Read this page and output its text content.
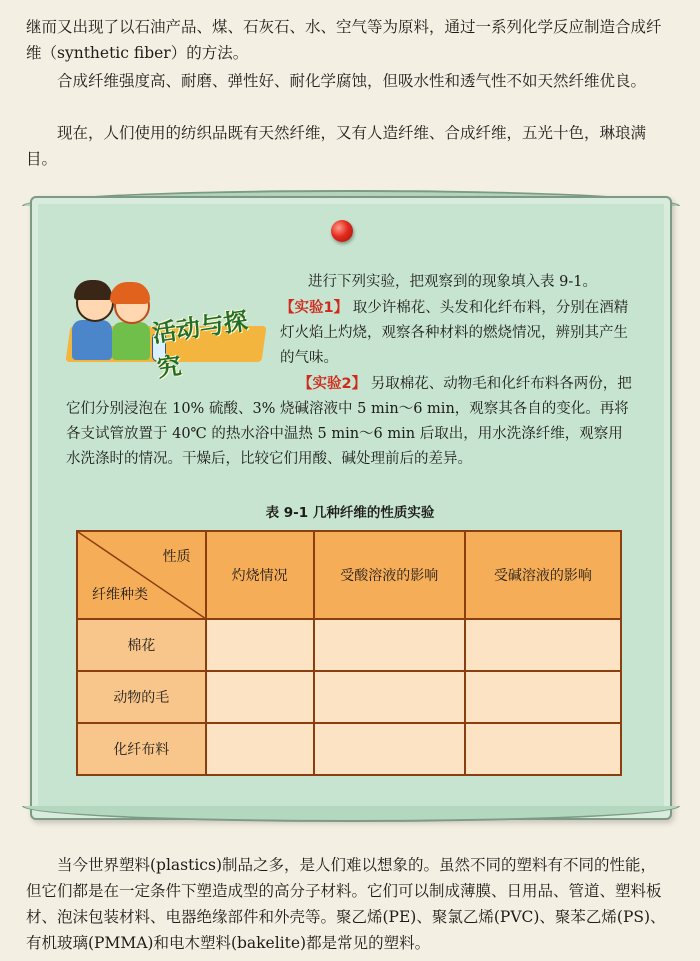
继而又出现了以石油产品、煤、石灰石、水、空气等为原料，通过一系列化学反应制造合成纤维（synthetic fiber）的方法。

合成纤维强度高、耐磨、弹性好、耐化学腐蚀，但吸水性和透气性不如天然纤维优良。

现在，人们使用的纺织品既有天然纤维，又有人造纤维、合成纤维，五光十色，琳琅满目。

活动与探究

进行下列实验，把观察到的现象填入表 9-1。

【实验1】 取少许棉花、头发和化纤布料，分别在酒精灯火焰上灼烧，观察各种材料的燃烧情况，辨别其产生的气味。

【实验2】 另取棉花、动物毛和化纤布料各两份，把它们分别浸泡在 10% 硫酸、3% 烧碱溶液中 5 min～6 min，观察其各自的变化。再将各支试管放置于 40℃ 的热水浴中温热 5 min～6 min 后取出，用水洗涤纤维，观察用水洗涤时的情况。干燥后，比较它们用酸、碱处理前后的差异。

表 9-1 几种纤维的性质实验
性质
纤维种类	灼烧情况	受酸溶液的影响	受碱溶液的影响
棉花			
动物的毛			
化纤布料			

当今世界塑料(plastics)制品之多，是人们难以想象的。虽然不同的塑料有不同的性能，但它们都是在一定条件下塑造成型的高分子材料。它们可以制成薄膜、日用品、管道、塑料板材、泡沫包装材料、电器绝缘部件和外壳等。聚乙烯(PE)、聚氯乙烯(PVC)、聚苯乙烯(PS)、有机玻璃(PMMA)和电木塑料(bakelite)都是常见的塑料。
